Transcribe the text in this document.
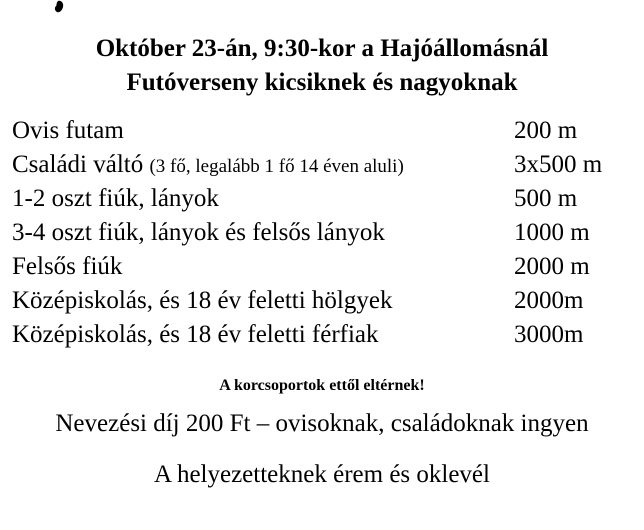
Október 23-án, 9:30-kor a Hajóállomásnál
Futóverseny kicsiknek és nagyoknak
Ovis futam	200 m
Családi váltó (3 fő, legalább 1 fő 14 éven aluli)	3x500 m
1-2 oszt fiúk, lányok	500 m
3-4 oszt fiúk, lányok és felsős lányok	1000 m
Felsős fiúk	2000 m
Középiskolás, és 18 év feletti hölgyek	2000m
Középiskolás, és 18 év feletti férfiak	3000m
A korcsoportok ettől eltérnek!
Nevezési díj 200 Ft – ovisoknak, családoknak ingyen
A helyezetteknek érem és oklevél
